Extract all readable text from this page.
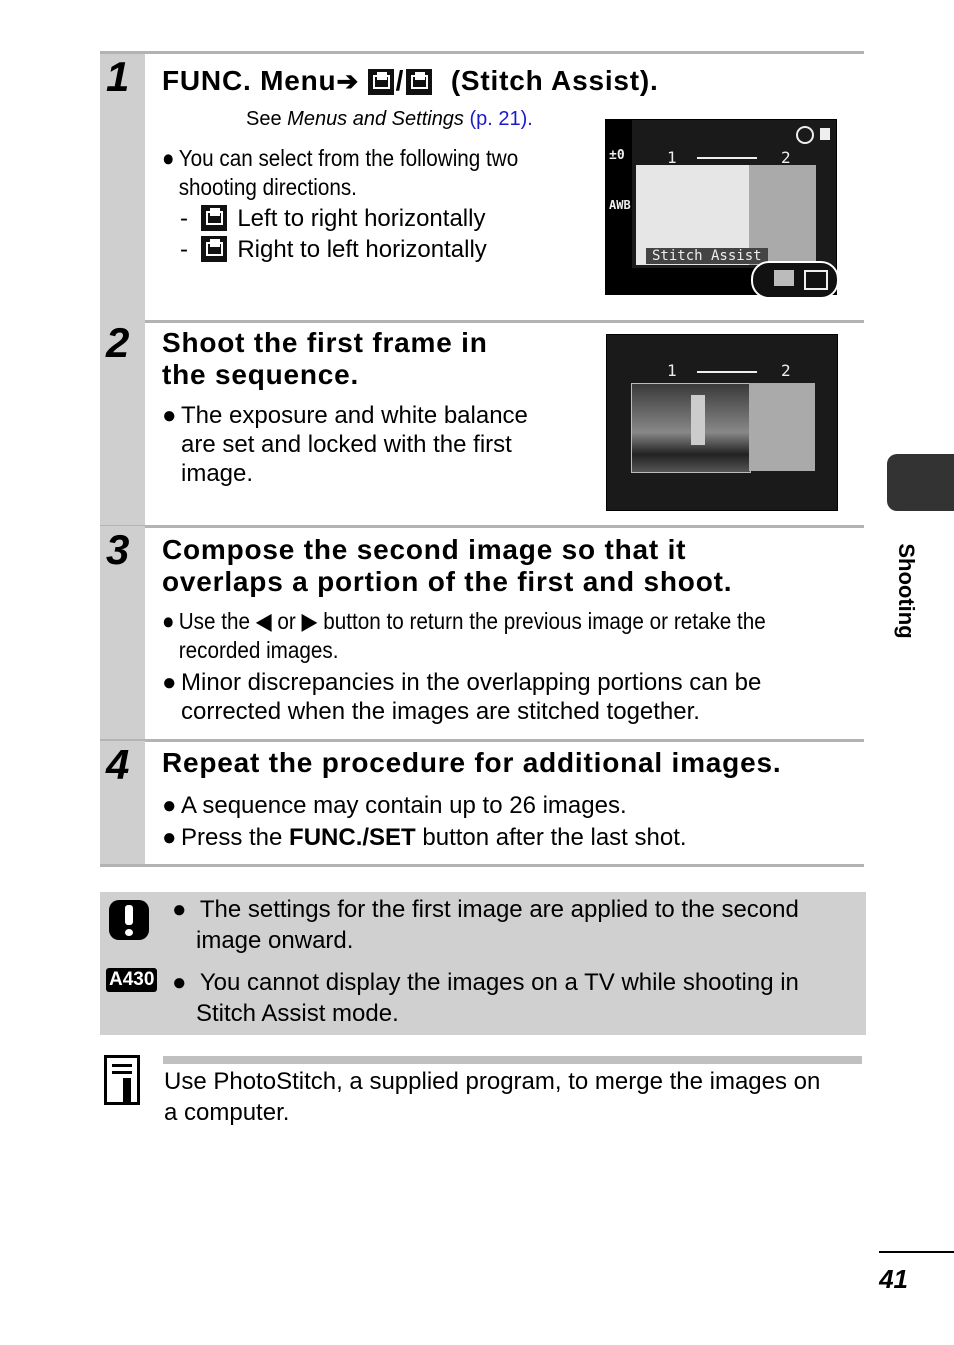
1 FUNC. Menu➔ / (Stitch Assist).
See Menus and Settings (p. 21).
● You can select from the following two
shooting directions.
-  Left to right horizontally
-  Right to left horizontally
±0
AWB
1	2
Stitch Assist
2 Shoot the first frame in
the sequence.
● The exposure and white balance
are set and locked with the first
image.
1	2
3 Compose the second image so that it
overlaps a portion of the first and shoot.
● Use the ◀ or ▶ button to return the previous image or retake the
recorded images.
● Minor discrepancies in the overlapping portions can be
corrected when the images are stitched together.
4 Repeat the procedure for additional images.
● A sequence may contain up to 26 images.
● Press the FUNC./SET button after the last shot.
● The settings for the first image are applied to the second
image onward.
A430 ● You cannot display the images on a TV while shooting in
Stitch Assist mode.
Use PhotoStitch, a supplied program, to merge the images on
a computer.
Shooting
41
